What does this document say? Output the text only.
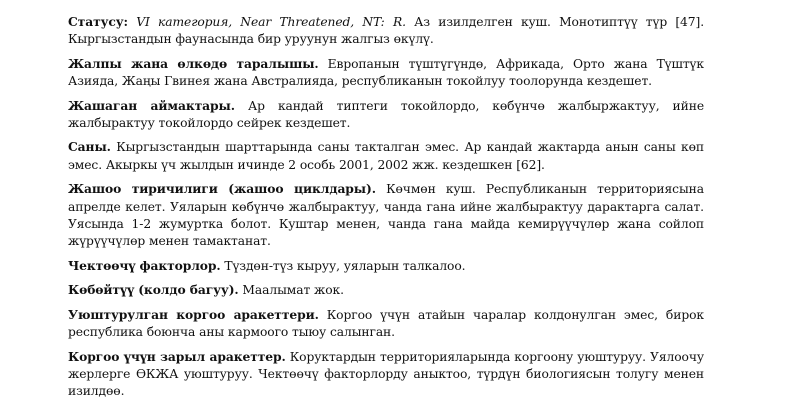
Статусу: VI категория, Near Threatened, NT: R. Аз изилделген куш. Монотиптүү түр [47]. Кыргызстандын фаунасында бир уруунун жалгыз өкүлү.

Жалпы жана өлкөдө таралышы. Европанын түштүгүндө, Африкада, Орто жана Түштүк Азияда, Жаңы Гвинея жана Австралияда, республиканын токойлуу тоолорунда кездешет.

Жашаган аймактары. Ар кандай типтеги токойлордо, көбүнчө жалбыржактуу, ийне жалбырактуу токойлордо сейрек кездешет.

Саны. Кыргызстандын шарттарында саны такталган эмес. Ар кандай жактарда анын саны көп эмес. Акыркы үч жылдын ичинде 2 особь 2001, 2002 жж. кездешкен [62].

Жашоо тиричилиги (жашоо циклдары). Көчмөн куш. Республиканын территориясына апрелде келет. Уяларын көбүнчө жалбырактуу, чанда гана ийне жалбырактуу дарактарга салат. Уясында 1-2 жумуртка болот. Куштар менен, чанда гана майда кемирүүчүлөр жана сойлоп жүрүүчүлөр менен тамактанат.

Чектөөчү факторлор. Түздөн-түз кыруу, уяларын талкалоо.

Көбөйтүү (колдо багуу). Маалымат жок.

Уюштурулган коргоо аракеттери. Коргоо үчүн атайын чаралар колдонулган эмес, бирок республика боюнча аны кармоого тыюу салынган.

Коргоо үчүн зарыл аракеттер. Коруктардын территорияларында коргоону уюштуруу. Уялоочу жерлерге ӨКЖА уюштуруу. Чектөөчү факторлорду аныктоо, түрдүн биологиясын толугу менен изилдөө.
